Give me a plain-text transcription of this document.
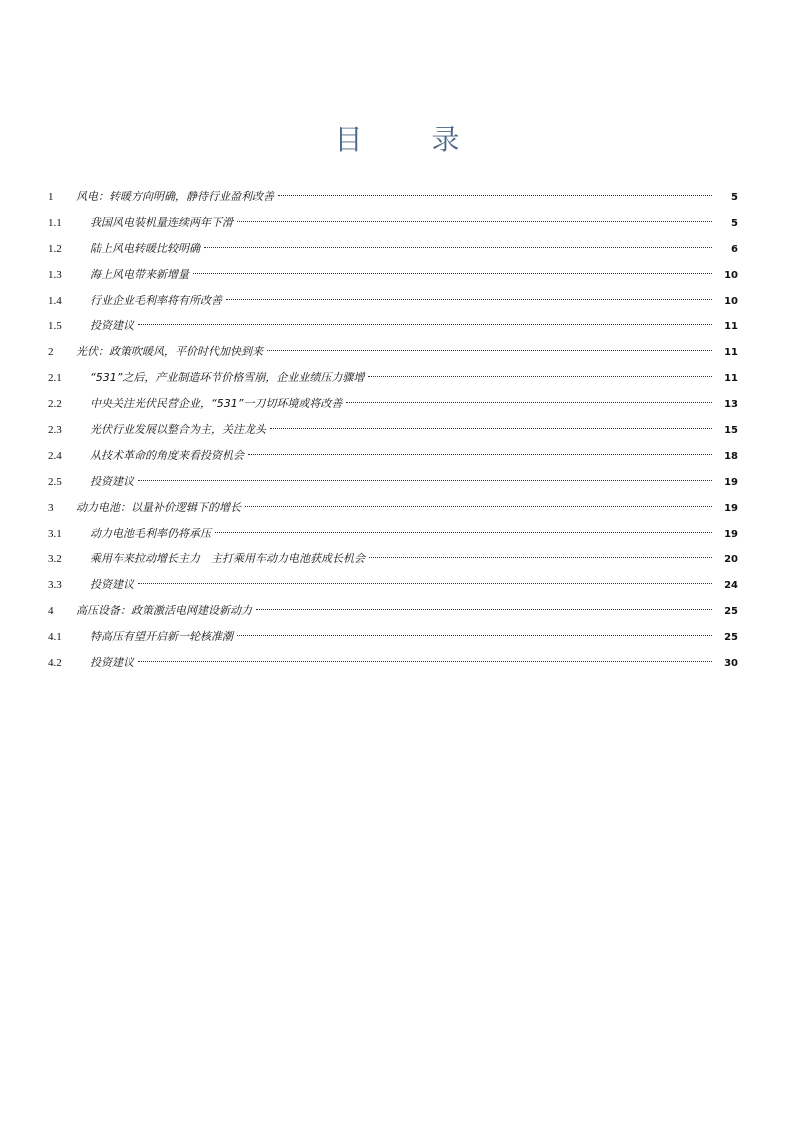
目 录
1	风电：转暖方向明确，静待行业盈利改善	5
1.1	我国风电装机量连续两年下滑	5
1.2	陆上风电转暖比较明确	6
1.3	海上风电带来新增量	10
1.4	行业企业毛利率将有所改善	10
1.5	投资建议	11
2	光伏：政策吹暖风，平价时代加快到来	11
2.1	“531”之后，产业制造环节价格雪崩，企业业绩压力骤增	11
2.2	中央关注光伏民营企业，“531”一刀切环境或将改善	13
2.3	光伏行业发展以整合为主，关注龙头	15
2.4	从技术革命的角度来看投资机会	18
2.5	投资建议	19
3	动力电池：以量补价逻辑下的增长	19
3.1	动力电池毛利率仍将承压	19
3.2	乘用车来拉动增长主力　主打乘用车动力电池获成长机会	20
3.3	投资建议	24
4	高压设备：政策激活电网建设新动力	25
4.1	特高压有望开启新一轮核准潮	25
4.2	投资建议	30
